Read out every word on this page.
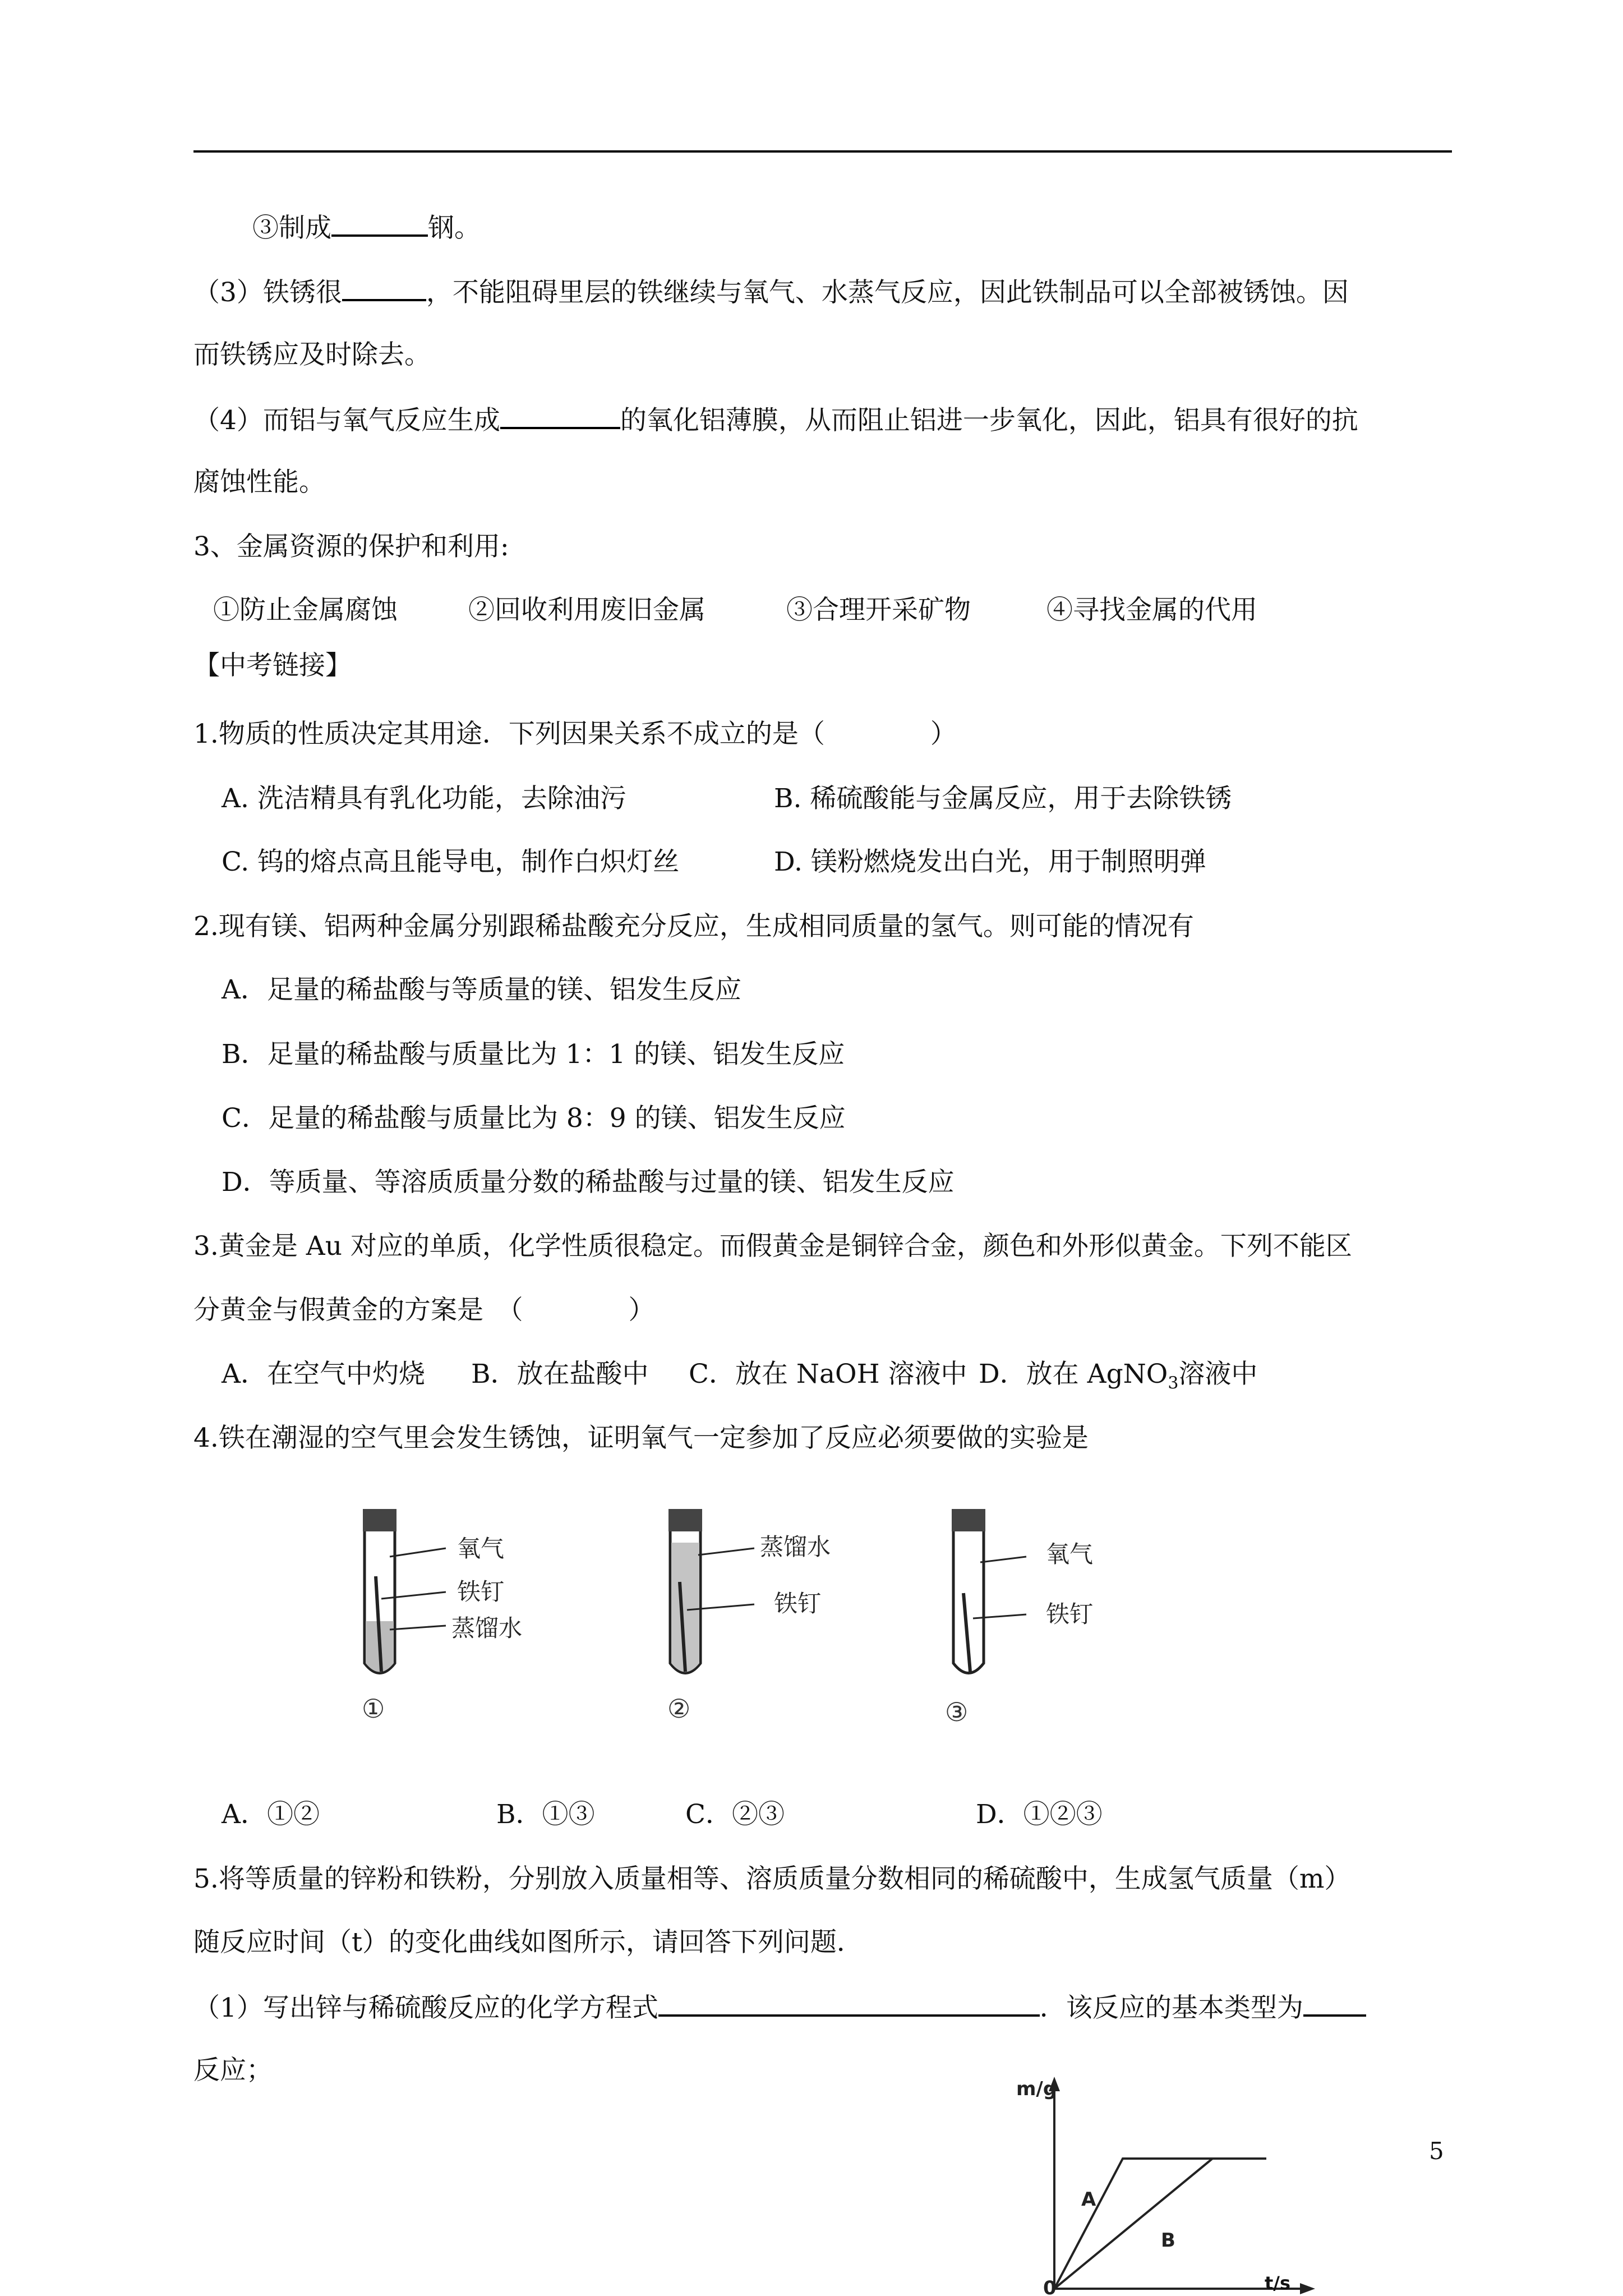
③制成	钢。
（3）铁锈很	，不能阻碍里层的铁继续与氧气、水蒸气反应，因此铁制品可以全部被锈蚀。因
而铁锈应及时除去。
（4）而铝与氧气反应生成	的氧化铝薄膜，从而阻止铝进一步氧化，因此，铝具有很好的抗
腐蚀性能。
3、金属资源的保护和利用:
①防止金属腐蚀	②回收利用废旧金属	③合理开采矿物	④寻找金属的代用
【中考链接】
1.物质的性质决定其用途．下列因果关系不成立的是（　　　　）
A. 洗洁精具有乳化功能，去除油污	B. 稀硫酸能与金属反应，用于去除铁锈
C. 钨的熔点高且能导电，制作白炽灯丝	D. 镁粉燃烧发出白光，用于制照明弹
2.现有镁、铝两种金属分别跟稀盐酸充分反应，生成相同质量的氢气。则可能的情况有
A．足量的稀盐酸与等质量的镁、铝发生反应
B．足量的稀盐酸与质量比为 1：1 的镁、铝发生反应
C．足量的稀盐酸与质量比为 8：9 的镁、铝发生反应
D．等质量、等溶质质量分数的稀盐酸与过量的镁、铝发生反应
3.黄金是 Au 对应的单质，化学性质很稳定。而假黄金是铜锌合金，颜色和外形似黄金。下列不能区
分黄金与假黄金的方案是　（　　　　）
A．在空气中灼烧 B．放在盐酸中 C．放在 NaOH 溶液中 D．放在 AgNO$_3$溶液中
4.铁在潮湿的空气里会发生锈蚀，证明氧气一定参加了反应必须要做的实验是
氧气
铁钉
蒸馏水
①
蒸馏水
铁钉
②
氧气
铁钉
③
A．①②	B．①③	C．②③	D．①②③
5.将等质量的锌粉和铁粉，分别放入质量相等、溶质质量分数相同的稀硫酸中，生成氢气质量（m）
随反应时间（t）的变化曲线如图所示，请回答下列问题．
（1）写出锌与稀硫酸反应的化学方程式	．该反应的基本类型为
反应；
m/g
0
A
B
t/s
5
